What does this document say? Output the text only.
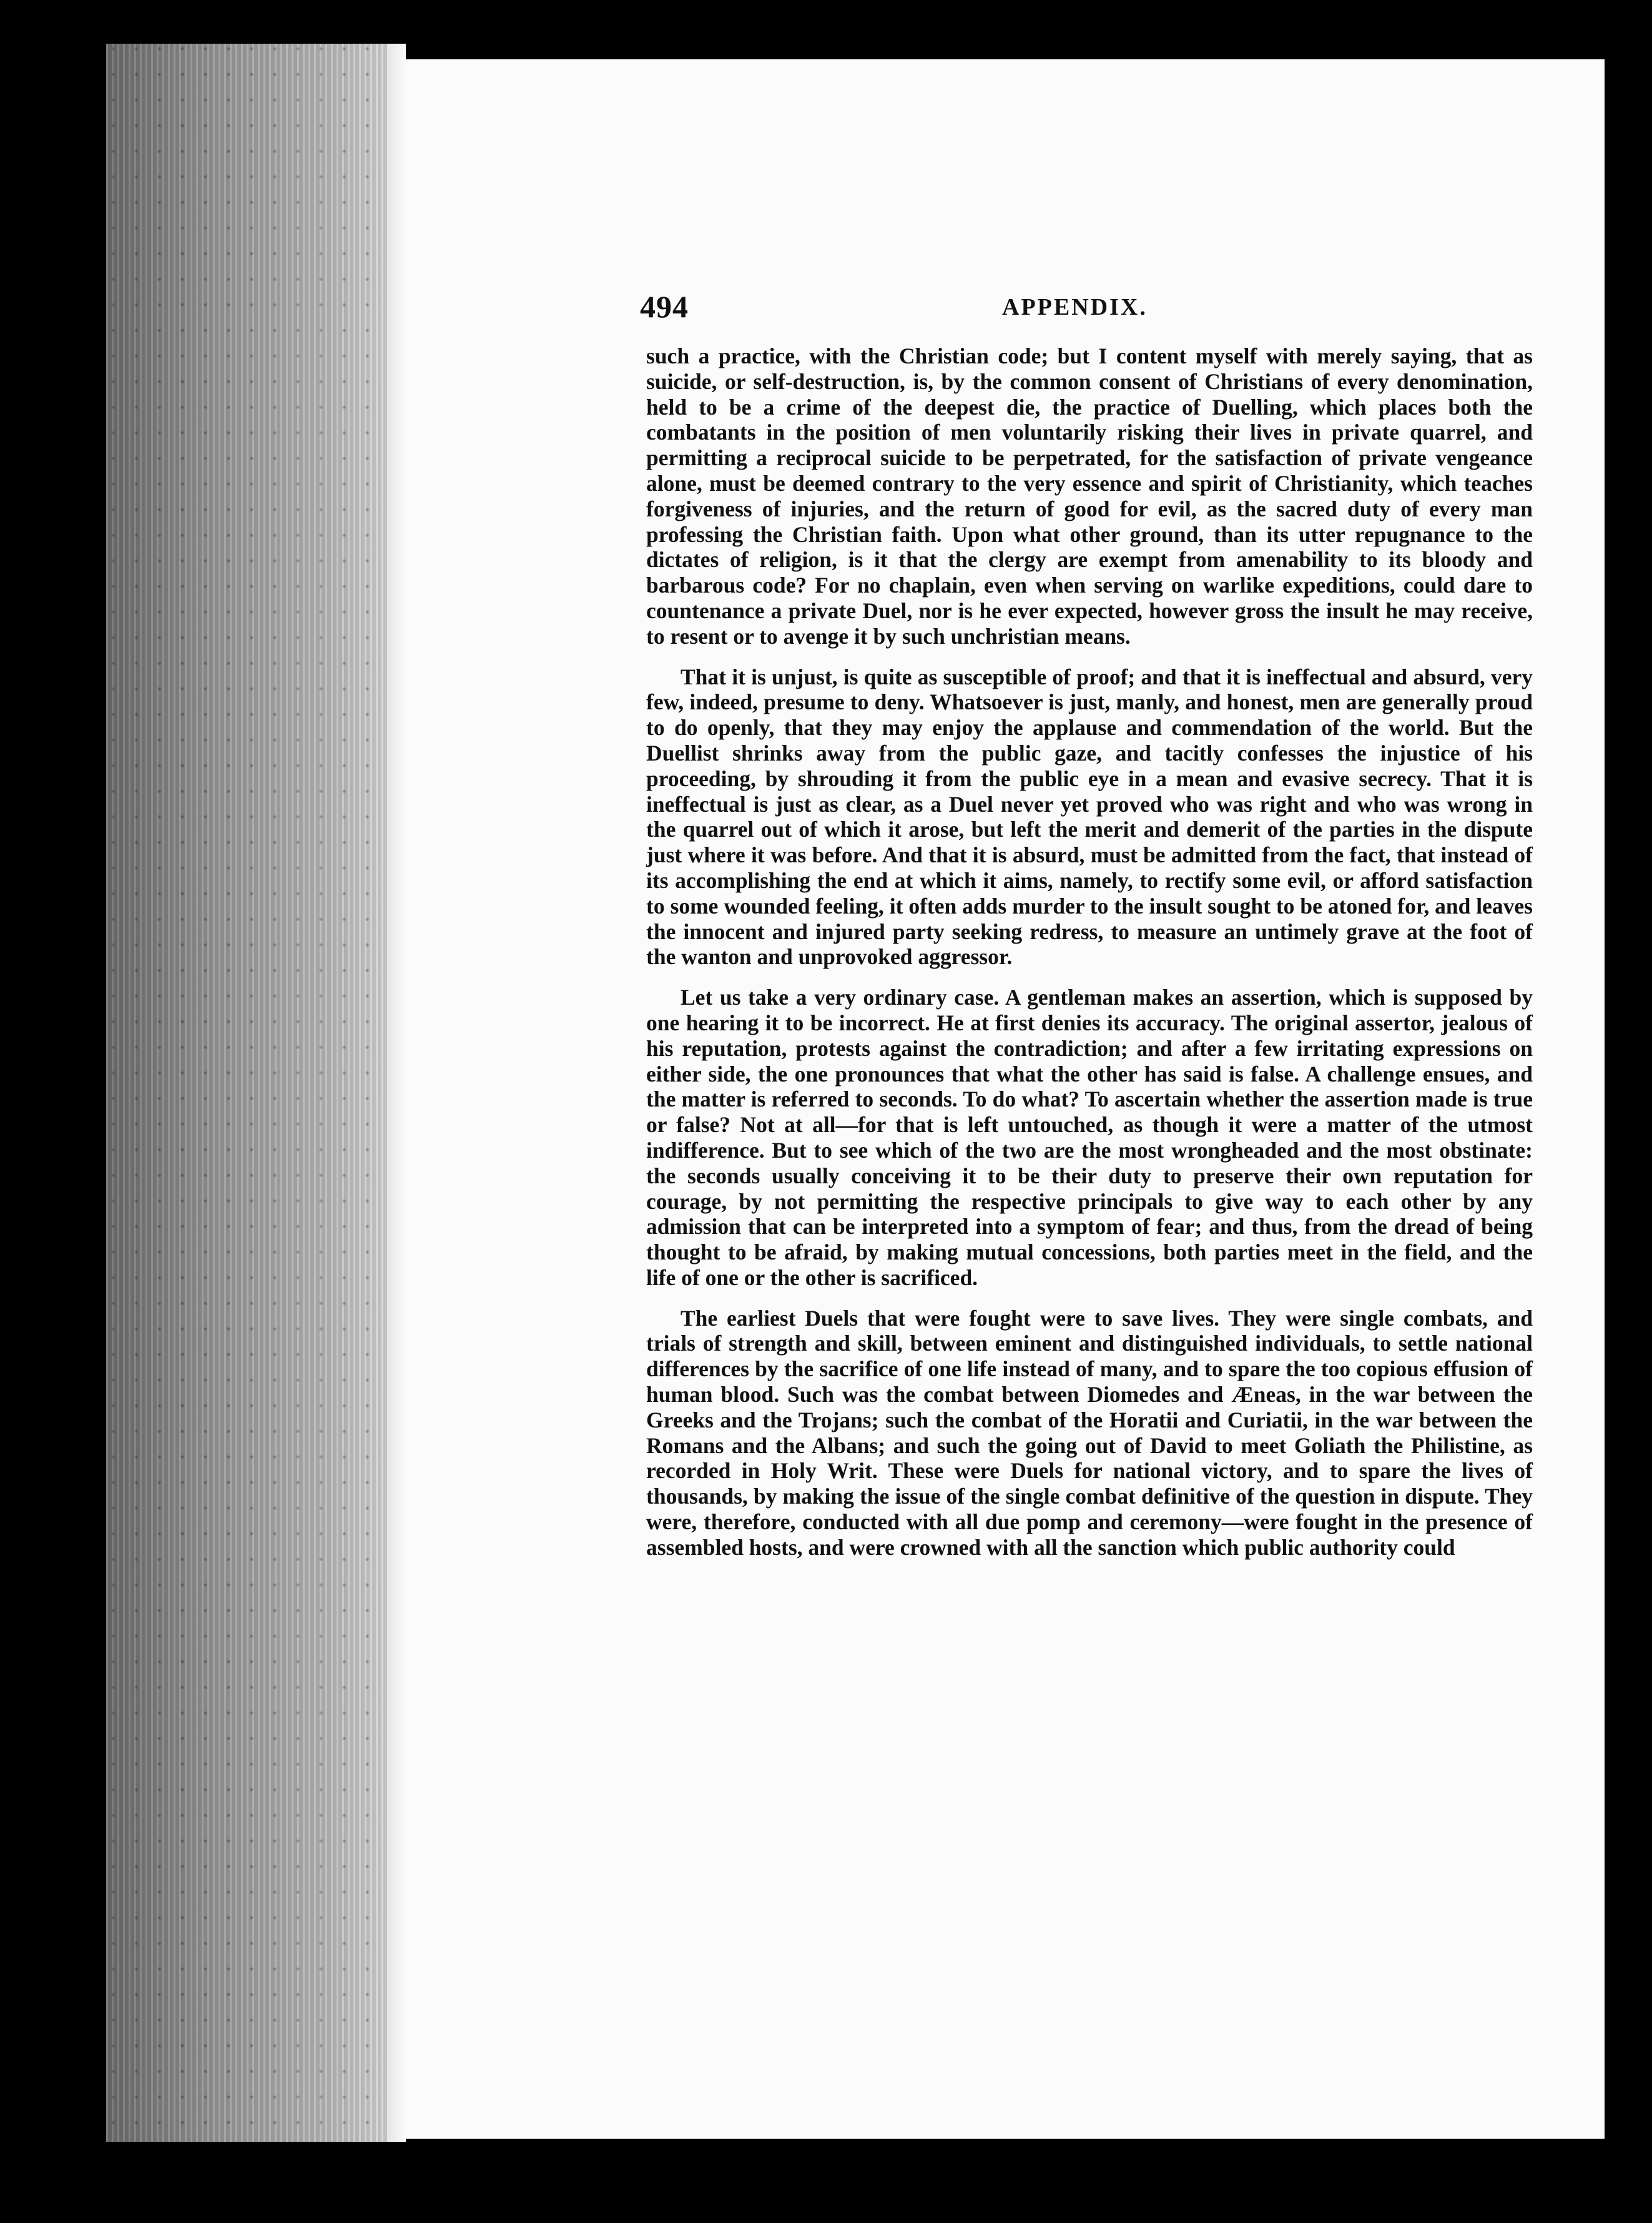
494	APPENDIX.

such a practice, with the Christian code; but I content myself with merely saying, that as suicide, or self-destruction, is, by the common consent of Christians of every denomination, held to be a crime of the deepest die, the practice of Duelling, which places both the combatants in the position of men voluntarily risking their lives in private quarrel, and permitting a reciprocal suicide to be perpetrated, for the satisfaction of private vengeance alone, must be deemed contrary to the very essence and spirit of Christianity, which teaches forgiveness of injuries, and the return of good for evil, as the sacred duty of every man professing the Christian faith. Upon what other ground, than its utter repugnance to the dictates of religion, is it that the clergy are exempt from amenability to its bloody and barbarous code? For no chaplain, even when serving on warlike expeditions, could dare to countenance a private Duel, nor is he ever expected, however gross the insult he may receive, to resent or to avenge it by such unchristian means.

That it is unjust, is quite as susceptible of proof; and that it is ineffectual and absurd, very few, indeed, presume to deny. Whatsoever is just, manly, and honest, men are generally proud to do openly, that they may enjoy the applause and commendation of the world. But the Duellist shrinks away from the public gaze, and tacitly confesses the injustice of his proceeding, by shrouding it from the public eye in a mean and evasive secrecy. That it is ineffectual is just as clear, as a Duel never yet proved who was right and who was wrong in the quarrel out of which it arose, but left the merit and demerit of the parties in the dispute just where it was before. And that it is absurd, must be admitted from the fact, that instead of its accomplishing the end at which it aims, namely, to rectify some evil, or afford satisfaction to some wounded feeling, it often adds murder to the insult sought to be atoned for, and leaves the innocent and injured party seeking redress, to measure an untimely grave at the foot of the wanton and unprovoked aggressor.

Let us take a very ordinary case. A gentleman makes an assertion, which is supposed by one hearing it to be incorrect. He at first denies its accuracy. The original assertor, jealous of his reputation, protests against the contradiction; and after a few irritating expressions on either side, the one pronounces that what the other has said is false. A challenge ensues, and the matter is referred to seconds. To do what? To ascertain whether the assertion made is true or false? Not at all—for that is left untouched, as though it were a matter of the utmost indifference. But to see which of the two are the most wrongheaded and the most obstinate: the seconds usually conceiving it to be their duty to preserve their own reputation for courage, by not permitting the respective principals to give way to each other by any admission that can be interpreted into a symptom of fear; and thus, from the dread of being thought to be afraid, by making mutual concessions, both parties meet in the field, and the life of one or the other is sacrificed.

The earliest Duels that were fought were to save lives. They were single combats, and trials of strength and skill, between eminent and distinguished individuals, to settle national differences by the sacrifice of one life instead of many, and to spare the too copious effusion of human blood. Such was the combat between Diomedes and Æneas, in the war between the Greeks and the Trojans; such the combat of the Horatii and Curiatii, in the war between the Romans and the Albans; and such the going out of David to meet Goliath the Philistine, as recorded in Holy Writ. These were Duels for national victory, and to spare the lives of thousands, by making the issue of the single combat definitive of the question in dispute. They were, therefore, conducted with all due pomp and ceremony—were fought in the presence of assembled hosts, and were crowned with all the sanction which public authority could
